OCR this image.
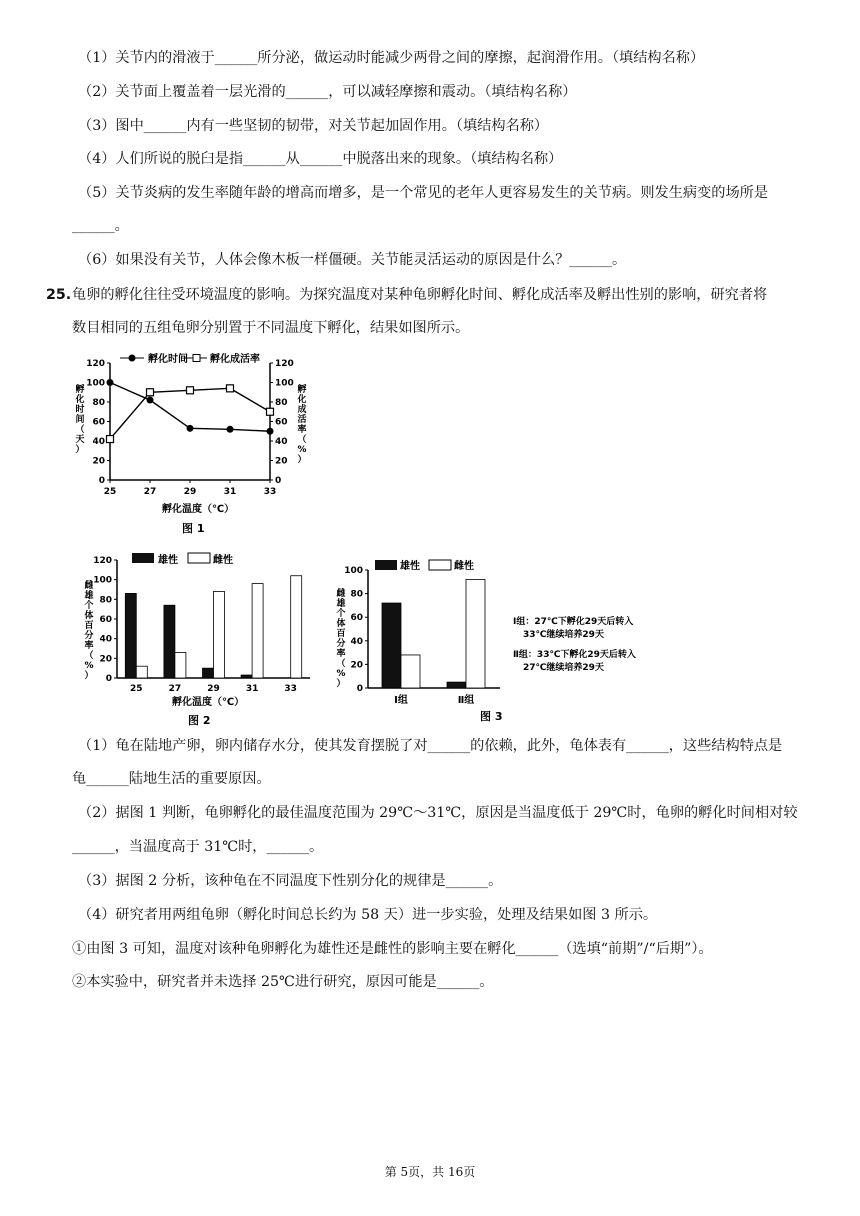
（1）关节内的滑液于______所分泌，做运动时能减少两骨之间的摩擦，起润滑作用。（填结构名称）
（2）关节面上覆盖着一层光滑的______，可以减轻摩擦和震动。（填结构名称）
（3）图中______内有一些坚韧的韧带，对关节起加固作用。（填结构名称）
（4）人们所说的脱臼是指______从______中脱落出来的现象。（填结构名称）
（5）关节炎病的发生率随年龄的增高而增多，是一个常见的老年人更容易发生的关节病。则发生病变的场所是
______。
（6）如果没有关节，人体会像木板一样僵硬。关节能灵活运动的原因是什么？______。
25. 龟卵的孵化往往受环境温度的影响。为探究温度对某种龟卵孵化时间、孵化成活率及孵出性别的影响，研究者将
数目相同的五组龟卵分别置于不同温度下孵化，结果如图所示。
0	0
20	20
40	40
60	60
80	80
100	100
120	120
25	27	29	31	33
孵
化
时
间
（
天
）
孵
化
成
活
率
（
%
）
孵化时间 孵化成活率
孵化温度（℃）
图 1
0
20
40
60
80
100
120
雌
雄
个
体
百
分
率
（
%
）
25	27	29	31	33
雄性	雌性
孵化温度（℃）
图 2
0
20
40
60
80
100
雌
雄
个
体
百
分
率
（
%
）
Ⅰ组	Ⅱ组
雄性	雌性
Ⅰ组：27℃下孵化29天后转入
33℃继续培养29天
Ⅱ组：33℃下孵化29天后转入
27℃继续培养29天
图 3
（1）龟在陆地产卵，卵内储存水分，使其发育摆脱了对______的依赖，此外，龟体表有______，这些结构特点是
龟______陆地生活的重要原因。
（2）据图 1 判断，龟卵孵化的最佳温度范围为 29℃～31℃，原因是当温度低于 29℃时，龟卵的孵化时间相对较
______，当温度高于 31℃时，______。
（3）据图 2 分析，该种龟在不同温度下性别分化的规律是______。
（4）研究者用两组龟卵（孵化时间总长约为 58 天）进一步实验，处理及结果如图 3 所示。
①由图 3 可知，温度对该种龟卵孵化为雄性还是雌性的影响主要在孵化______（选填“前期”/“后期”）。
②本实验中，研究者并未选择 25℃进行研究，原因可能是______。
第 5页，共 16页
